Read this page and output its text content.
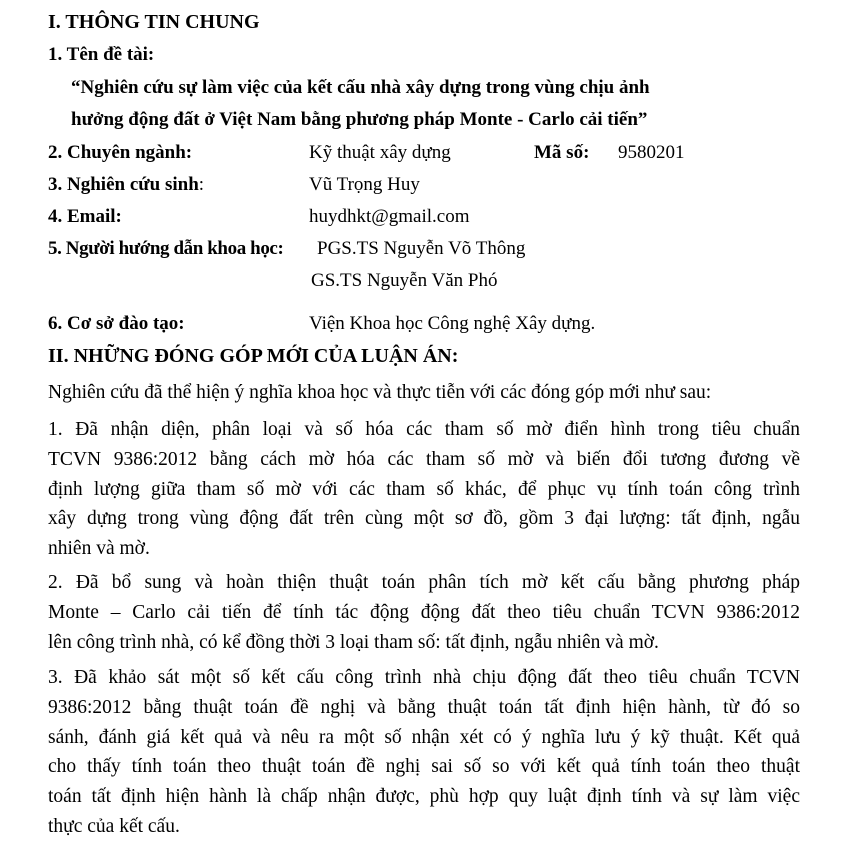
I. THÔNG TIN CHUNG
1. Tên đề tài:
“Nghiên cứu sự làm việc của kết cấu nhà xây dựng trong vùng chịu ảnh
hưởng động đất ở Việt Nam bằng phương pháp Monte - Carlo cải tiến”
2. Chuyên ngành:	Kỹ thuật xây dựng	Mã số: 9580201
3. Nghiên cứu sinh:	Vũ Trọng Huy
4. Email:	huydhkt@gmail.com
5. Người hướng dẫn khoa học: PGS.TS Nguyễn Võ Thông
GS.TS Nguyễn Văn Phó
6. Cơ sở đào tạo:	Viện Khoa học Công nghệ Xây dựng.
II. NHỮNG ĐÓNG GÓP MỚI CỦA LUẬN ÁN:
Nghiên cứu đã thể hiện ý nghĩa khoa học và thực tiễn với các đóng góp mới như sau:
1. Đã nhận diện, phân loại và số hóa các tham số mờ điển hình trong tiêu chuẩn
TCVN 9386:2012 bằng cách mờ hóa các tham số mờ và biến đổi tương đương về
định lượng giữa tham số mờ với các tham số khác, để phục vụ tính toán công trình
xây dựng trong vùng động đất trên cùng một sơ đồ, gồm 3 đại lượng: tất định, ngẫu
nhiên và mờ.
2. Đã bổ sung và hoàn thiện thuật toán phân tích mờ kết cấu bằng phương pháp
Monte – Carlo cải tiến để tính tác động động đất theo tiêu chuẩn TCVN 9386:2012
lên công trình nhà, có kể đồng thời 3 loại tham số: tất định, ngẫu nhiên và mờ.
3. Đã khảo sát một số kết cấu công trình nhà chịu động đất theo tiêu chuẩn TCVN
9386:2012 bằng thuật toán đề nghị và bằng thuật toán tất định hiện hành, từ đó so
sánh, đánh giá kết quả và nêu ra một số nhận xét có ý nghĩa lưu ý kỹ thuật. Kết quả
cho thấy tính toán theo thuật toán đề nghị sai số so với kết quả tính toán theo thuật
toán tất định hiện hành là chấp nhận được, phù hợp quy luật định tính và sự làm việc
thực của kết cấu.
